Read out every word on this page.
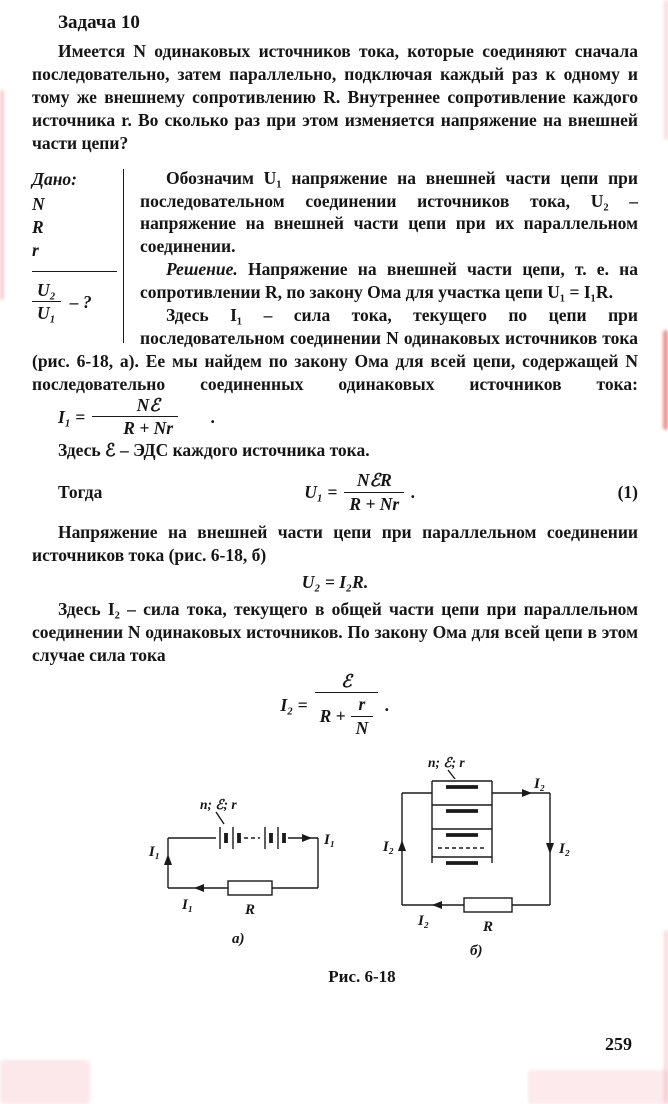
Задача 10

Имеется N одинаковых источников тока, которые соединяют сначала последовательно, затем параллельно, подключая каждый раз к одному и тому же внешнему сопротивлению R. Внутреннее сопротивление каждого источника r. Во сколько раз при этом изменяется напряжение на внешней части цепи?

Дано:
N
R
r
$\frac{\text{U₂}}{\text{U₁}}$ – ?

Обозначим U₁ напряжение на внешней части цепи при последовательном соединении источников тока, U₂ – напряжение на внешней части цепи при их параллельном соединении.

Решение. Напряжение на внешней части цепи, т. е. на сопротивлении R, по закону Ома для участка цепи U₁ = I₁R.

Здесь I₁ – сила тока, текущего по цепи при последовательном соединении N одинаковых источников тока (рис. 6-18, а). Ее мы найдем по закону Ома для всей цепи, содержащей N последовательно соединенных одинаковых источников тока:
$I_1 = \frac{\text{Nℰ}}{R + Nr}$	.

Здесь ℰ – ЭДС каждого источника тока.

Тогда	$U_1 = \frac{\text{NℰR}}{R + Nr}$ .	(1)

Напряжение на внешней части цепи при параллельном соединении источников тока (рис. 6-18, б)

U₂ = I₂R.

Здесь I₂ – сила тока, текущего в общей части цепи при параллельном соединении N одинаковых источников. По закону Ома для всей цепи в этом случае сила тока

$I_2 = \frac{\text{ℰ}}{R + \frac{r}{N}}$ .
n; ℰ; r
I₁
I₁
I₁
R
а)
n; ℰ; r
I₂
I₂
I₂
I₂
R
б)
Рис. 6-18
259
